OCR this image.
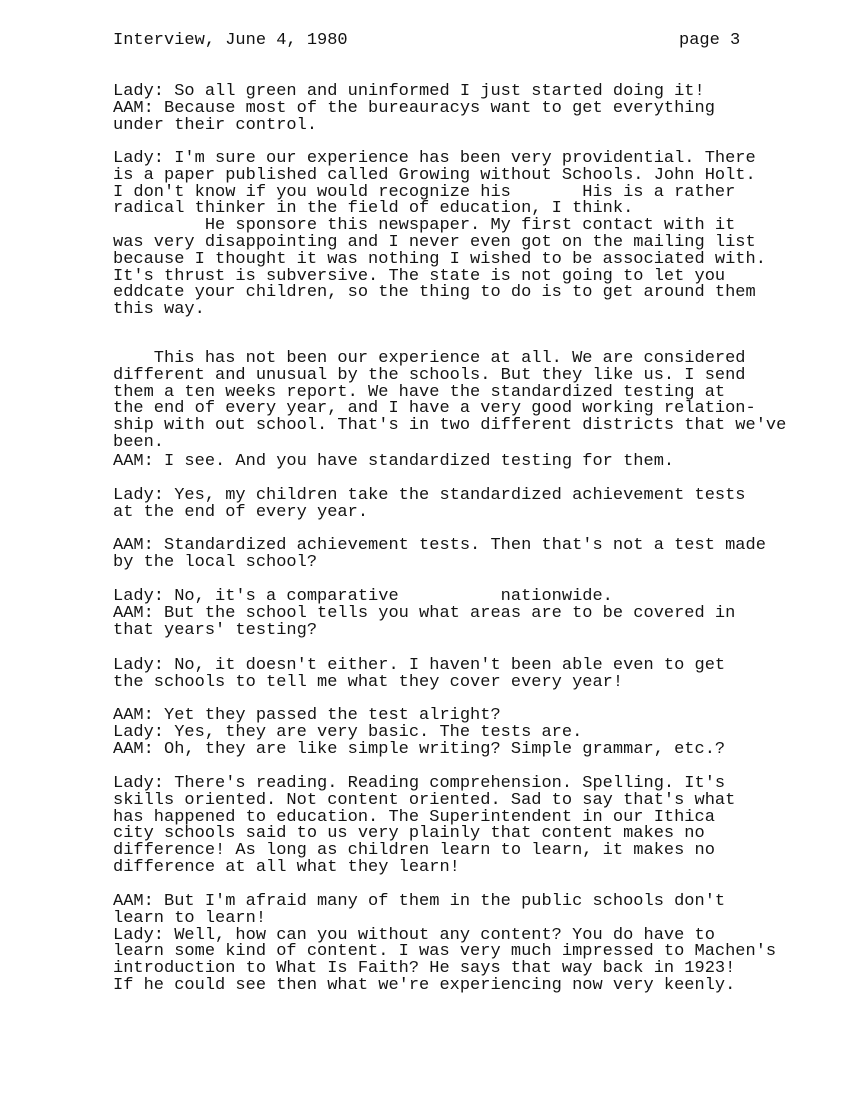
Interview, June 4, 1980	page 3
Lady: So all green and uninformed I just started doing it!
AAM: Because most of the bureauracys want to get everything
under their control.
Lady: I'm sure our experience has been very providential. There
is a paper published called Growing without Schools. John Holt.
I don't know if you would recognize his       His is a rather
radical thinker in the field of education, I think.
He sponsore this newspaper. My first contact with it
was very disappointing and I never even got on the mailing list
because I thought it was nothing I wished to be associated with.
It's thrust is subversive. The state is not going to let you
eddcate your children, so the thing to do is to get around them
this way.
This has not been our experience at all. We are considered
different and unusual by the schools. But they like us. I send
them a ten weeks report. We have the standardized testing at
the end of every year, and I have a very good working relation-
ship with out school. That's in two different districts that we've
been.
AAM: I see. And you have standardized testing for them.
Lady: Yes, my children take the standardized achievement tests
at the end of every year.
AAM: Standardized achievement tests. Then that's not a test made
by the local school?
Lady: No, it's a comparative          nationwide.
AAM: But the school tells you what areas are to be covered in
that years' testing?
Lady: No, it doesn't either. I haven't been able even to get
the schools to tell me what they cover every year!
AAM: Yet they passed the test alright?
Lady: Yes, they are very basic. The tests are.
AAM: Oh, they are like simple writing? Simple grammar, etc.?
Lady: There's reading. Reading comprehension. Spelling. It's
skills oriented. Not content oriented. Sad to say that's what
has happened to education. The Superintendent in our Ithica
city schools said to us very plainly that content makes no
difference! As long as children learn to learn, it makes no
difference at all what they learn!
AAM: But I'm afraid many of them in the public schools don't
learn to learn!
Lady: Well, how can you without any content? You do have to
learn some kind of content. I was very much impressed to Machen's
introduction to What Is Faith? He says that way back in 1923!
If he could see then what we're experiencing now very keenly.
